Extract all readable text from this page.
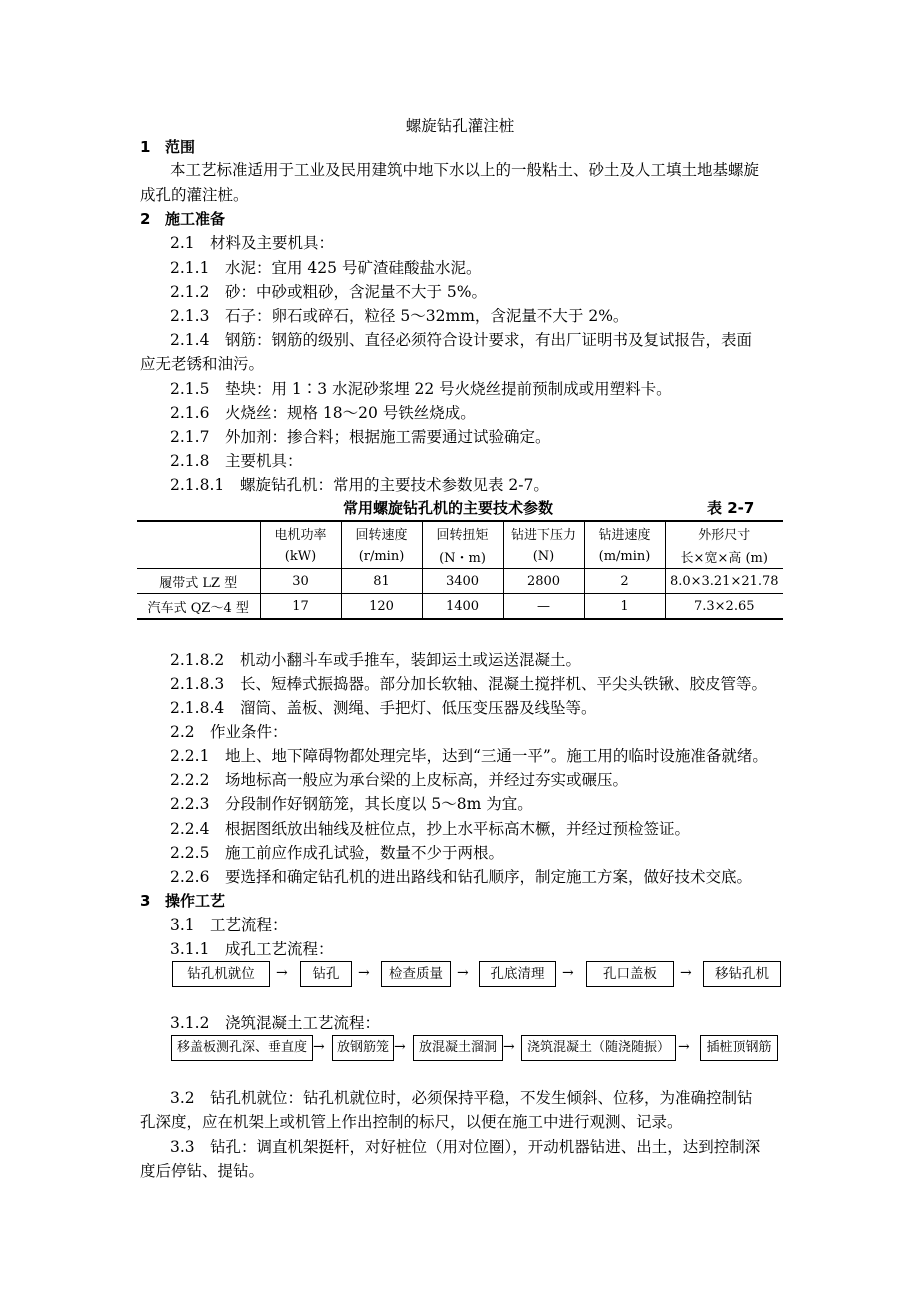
螺旋钻孔灌注桩
1 范围
本工艺标准适用于工业及民用建筑中地下水以上的一般粘土、砂土及人工填土地基螺旋
成孔的灌注桩。
2 施工准备
2.1 材料及主要机具：
2.1.1 水泥：宜用 425 号矿渣硅酸盐水泥。
2.1.2 砂：中砂或粗砂，含泥量不大于 5%。
2.1.3 石子：卵石或碎石，粒径 5～32mm，含泥量不大于 2%。
2.1.4 钢筋：钢筋的级别、直径必须符合设计要求，有出厂证明书及复试报告，表面
应无老锈和油污。
2.1.5 垫块：用 1∶3 水泥砂浆埋 22 号火烧丝提前预制成或用塑料卡。
2.1.6 火烧丝：规格 18～20 号铁丝烧成。
2.1.7 外加剂：掺合料；根据施工需要通过试验确定。
2.1.8 主要机具：
2.1.8.1 螺旋钻孔机：常用的主要技术参数见表 2-7。
常用螺旋钻孔机的主要技术参数	表 2-7
	电机功率	回转速度	回转扭矩	钻进下压力	钻进速度	外形尺寸
	(kW)	(r/min)	(N・m)	(N)	(m/min)	长×宽×高 (m)
履带式 LZ 型	30	81	3400	2800	2	8.0×3.21×21.78
汽车式 QZ～4 型	17	120	1400	—	1	7.3×2.65
2.1.8.2 机动小翻斗车或手推车，装卸运土或运送混凝土。
2.1.8.3 长、短棒式振捣器。部分加长软轴、混凝土搅拌机、平尖头铁锹、胶皮管等。
2.1.8.4 溜筒、盖板、测绳、手把灯、低压变压器及线坠等。
2.2 作业条件：
2.2.1 地上、地下障碍物都处理完毕，达到“三通一平”。施工用的临时设施准备就绪。
2.2.2 场地标高一般应为承台梁的上皮标高，并经过夯实或碾压。
2.2.3 分段制作好钢筋笼，其长度以 5～8m 为宜。
2.2.4 根据图纸放出轴线及桩位点，抄上水平标高木橛，并经过预检签证。
2.2.5 施工前应作成孔试验，数量不少于两根。
2.2.6 要选择和确定钻孔机的进出路线和钻孔顺序，制定施工方案，做好技术交底。
3 操作工艺
3.1 工艺流程：
3.1.1 成孔工艺流程：
钻孔机就位	→	钻孔	→	检查质量	→	孔底清理	→	孔口盖板	→	移钻孔机
3.1.2 浇筑混凝土工艺流程：
移盖板测孔深、垂直度 → 放钢筋笼 →	放混凝土溜洞 → 浇筑混凝土（随浇随振） →	插桩顶钢筋
3.2 钻孔机就位：钻孔机就位时，必须保持平稳，不发生倾斜、位移，为准确控制钻
孔深度，应在机架上或机管上作出控制的标尺，以便在施工中进行观测、记录。
3.3 钻孔：调直机架挺杆，对好桩位（用对位圈），开动机器钻进、出土，达到控制深
度后停钻、提钻。
